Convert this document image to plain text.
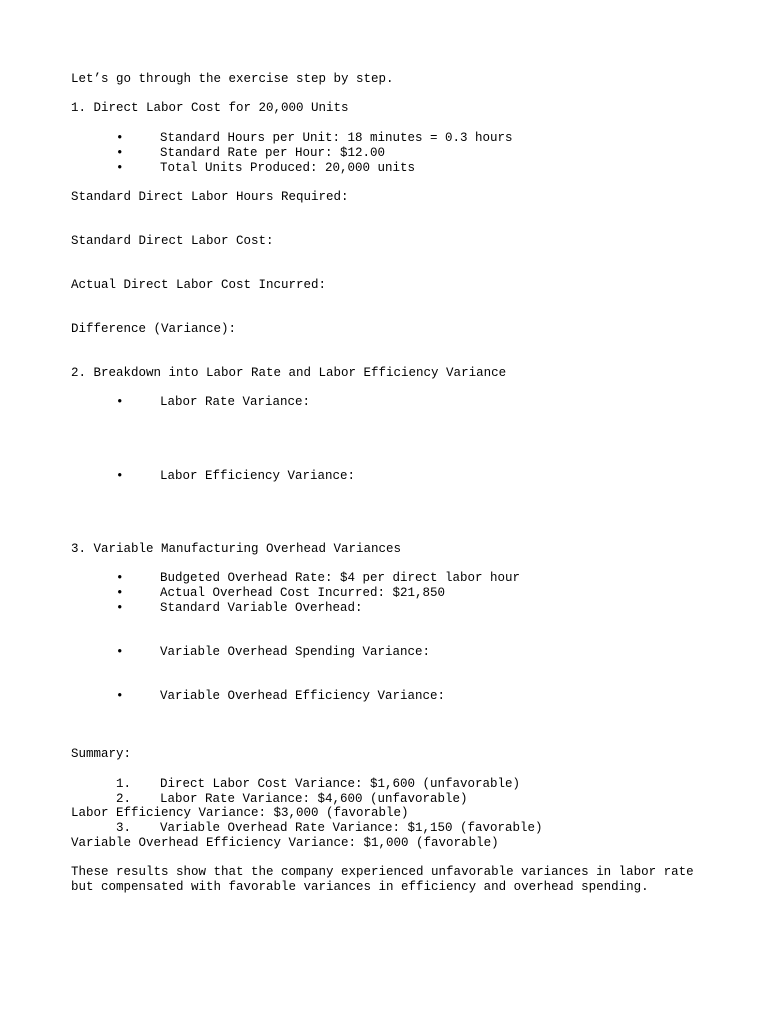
Let’s go through the exercise step by step.
1. Direct Labor Cost for 20,000 Units
•	Standard Hours per Unit: 18 minutes = 0.3 hours
•	Standard Rate per Hour: $12.00
•	Total Units Produced: 20,000 units
Standard Direct Labor Hours Required:
Standard Direct Labor Cost:
Actual Direct Labor Cost Incurred:
Difference (Variance):
2. Breakdown into Labor Rate and Labor Efficiency Variance
•	Labor Rate Variance:
•	Labor Efficiency Variance:
3. Variable Manufacturing Overhead Variances
•	Budgeted Overhead Rate: $4 per direct labor hour
•	Actual Overhead Cost Incurred: $21,850
•	Standard Variable Overhead:
•	Variable Overhead Spending Variance:
•	Variable Overhead Efficiency Variance:
Summary:
1. Direct Labor Cost Variance: $1,600 (unfavorable)
2. Labor Rate Variance: $4,600 (unfavorable)
Labor Efficiency Variance: $3,000 (favorable)
3. Variable Overhead Rate Variance: $1,150 (favorable)
Variable Overhead Efficiency Variance: $1,000 (favorable)
These results show that the company experienced unfavorable variances in labor rate
but compensated with favorable variances in efficiency and overhead spending.
